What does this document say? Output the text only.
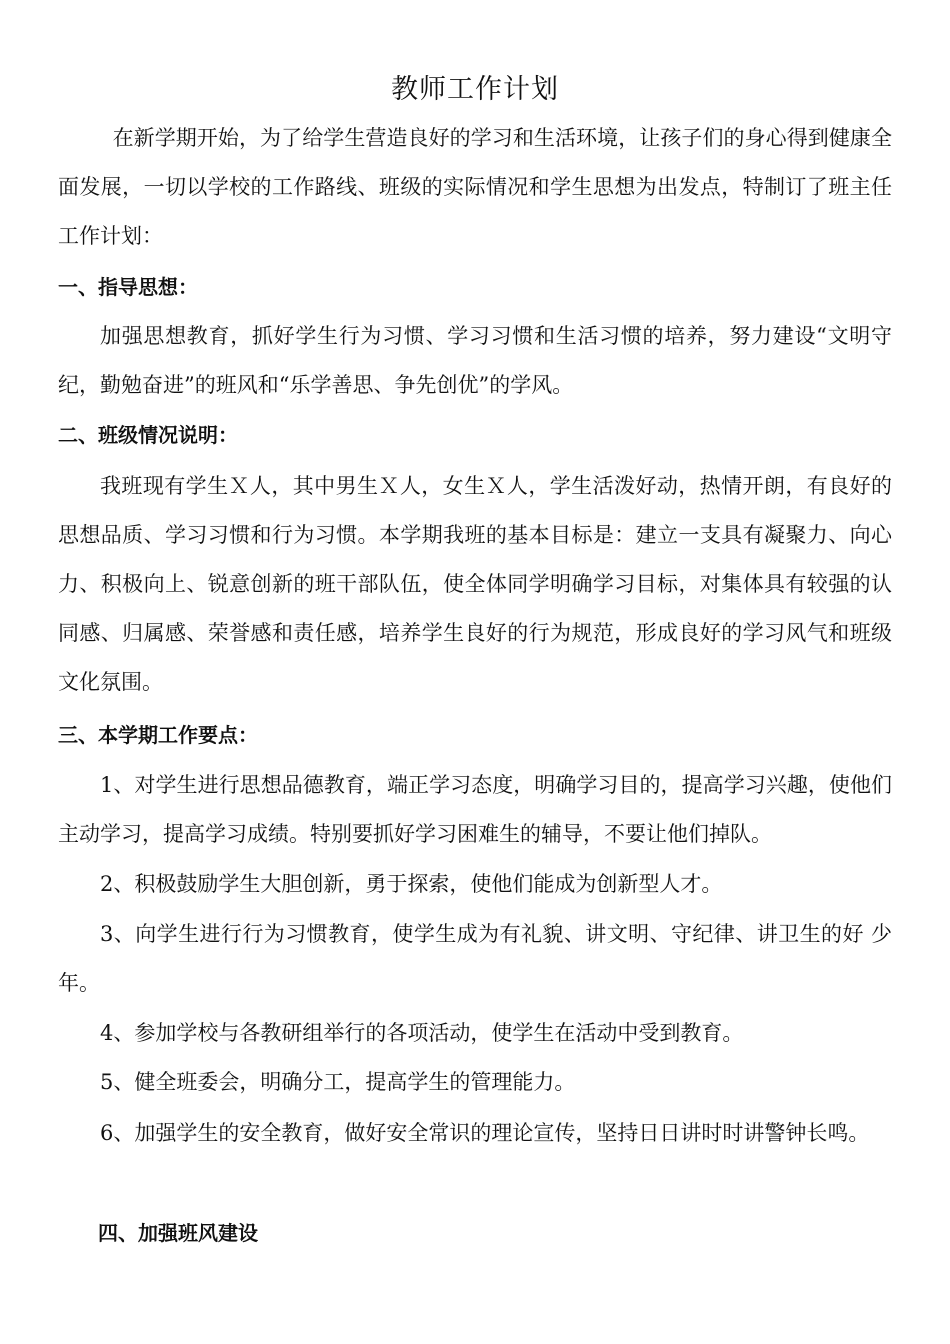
教师工作计划

在新学期开始，为了给学生营造良好的学习和生活环境，让孩子们的身心得到健康全面发展，一切以学校的工作路线、班级的实际情况和学生思想为出发点，特制订了班主任工作计划：

一、指导思想：

加强思想教育，抓好学生行为习惯、学习习惯和生活习惯的培养，努力建设“文明守纪，勤勉奋进”的班风和“乐学善思、争先创优”的学风。

二、班级情况说明：

我班现有学生Ｘ人，其中男生Ｘ人，女生Ｘ人，学生活泼好动，热情开朗，有良好的思想品质、学习习惯和行为习惯。本学期我班的基本目标是：建立一支具有凝聚力、向心力、积极向上、锐意创新的班干部队伍，使全体同学明确学习目标，对集体具有较强的认同感、归属感、荣誉感和责任感，培养学生良好的行为规范，形成良好的学习风气和班级文化氛围。

三、本学期工作要点：

1、对学生进行思想品德教育，端正学习态度，明确学习目的，提高学习兴趣，使他们主动学习，提高学习成绩。特别要抓好学习困难生的辅导，不要让他们掉队。

2、积极鼓励学生大胆创新，勇于探索，使他们能成为创新型人才。

3、向学生进行行为习惯教育，使学生成为有礼貌、讲文明、守纪律、讲卫生的好 少年。

4、参加学校与各教研组举行的各项活动，使学生在活动中受到教育。

5、健全班委会，明确分工，提高学生的管理能力。

6、加强学生的安全教育，做好安全常识的理论宣传，坚持日日讲时时讲警钟长鸣。

四、加强班风建设
